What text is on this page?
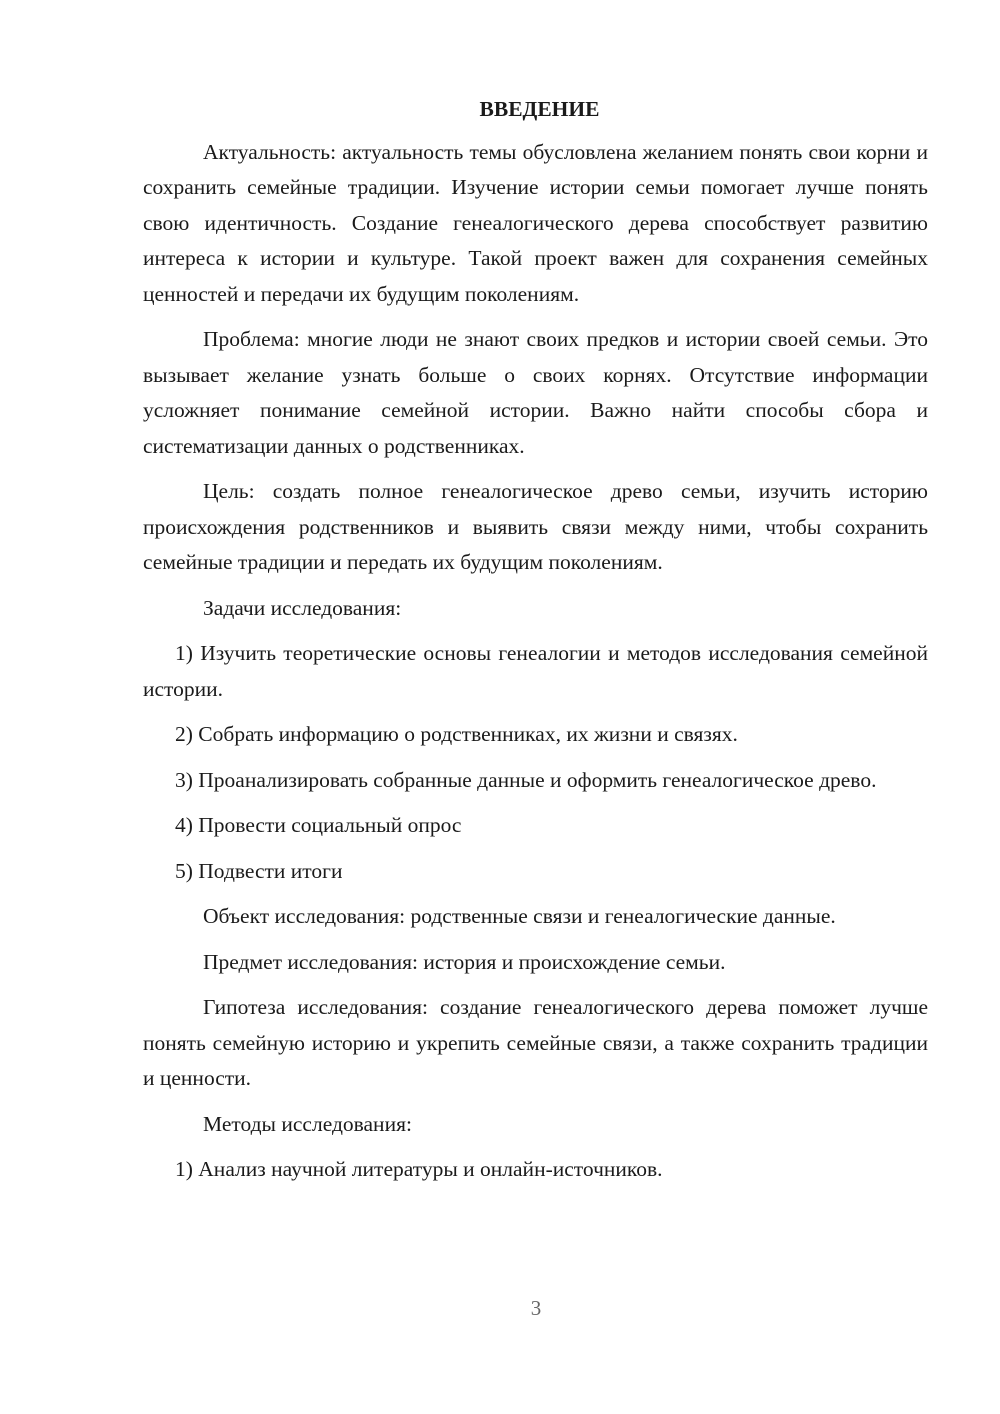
ВВЕДЕНИЕ

Актуальность: актуальность темы обусловлена желанием понять свои корни и сохранить семейные традиции. Изучение истории семьи помогает лучше понять свою идентичность. Создание генеалогического дерева способствует развитию интереса к истории и культуре. Такой проект важен для сохранения семейных ценностей и передачи их будущим поколениям.

Проблема: многие люди не знают своих предков и истории своей семьи. Это вызывает желание узнать больше о своих корнях. Отсутствие информации усложняет понимание семейной истории. Важно найти способы сбора и систематизации данных о родственниках.

Цель: создать полное генеалогическое древо семьи, изучить историю происхождения родственников и выявить связи между ними, чтобы сохранить семейные традиции и передать их будущим поколениям.

Задачи исследования:

1) Изучить теоретические основы генеалогии и методов исследования семейной истории.

2) Собрать информацию о родственниках, их жизни и связях.

3) Проанализировать собранные данные и оформить генеалогическое древо.

4) Провести социальный опрос

5) Подвести итоги

Объект исследования: родственные связи и генеалогические данные.

Предмет исследования: история и происхождение семьи.

Гипотеза исследования: создание генеалогического дерева поможет лучше понять семейную историю и укрепить семейные связи, а также сохранить традиции и ценности.

Методы исследования:

1) Анализ научной литературы и онлайн-источников.

3
